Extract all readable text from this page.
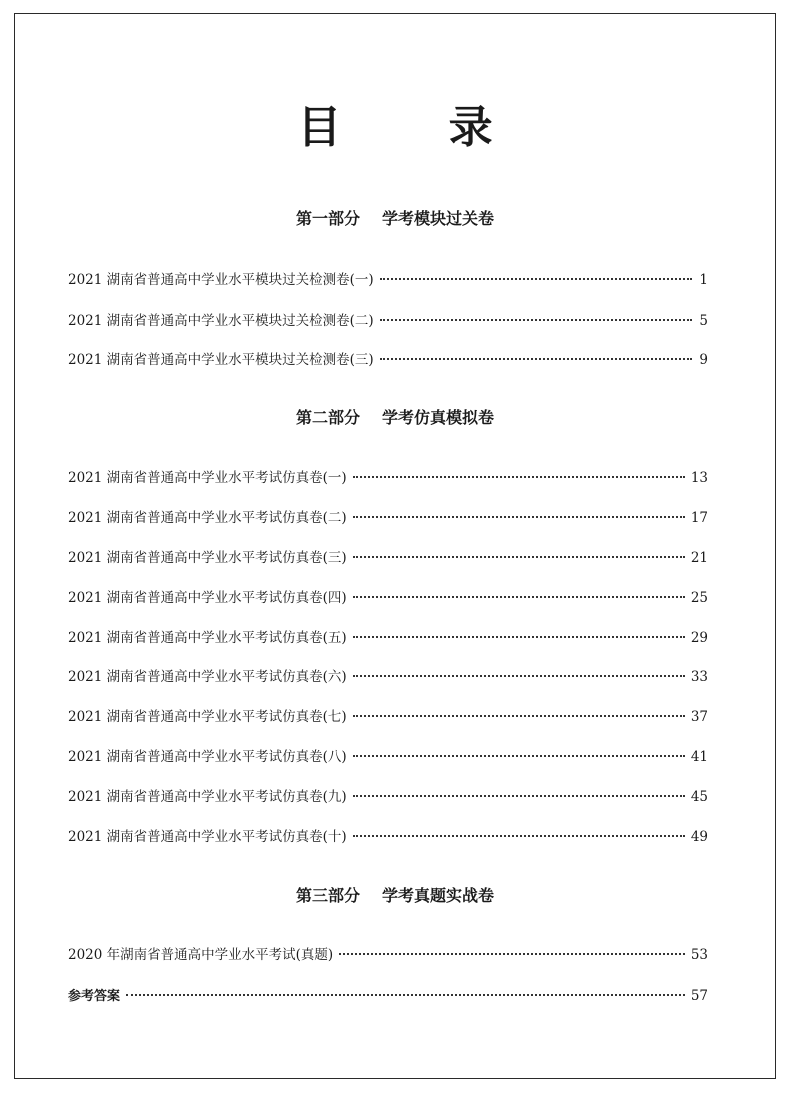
目 录
第一部分 学考模块过关卷
2021 湖南省普通高中学业水平模块过关检测卷(一)	1
2021 湖南省普通高中学业水平模块过关检测卷(二)	5
2021 湖南省普通高中学业水平模块过关检测卷(三)	9
第二部分 学考仿真模拟卷
2021 湖南省普通高中学业水平考试仿真卷(一)	13
2021 湖南省普通高中学业水平考试仿真卷(二)	17
2021 湖南省普通高中学业水平考试仿真卷(三)	21
2021 湖南省普通高中学业水平考试仿真卷(四)	25
2021 湖南省普通高中学业水平考试仿真卷(五)	29
2021 湖南省普通高中学业水平考试仿真卷(六)	33
2021 湖南省普通高中学业水平考试仿真卷(七)	37
2021 湖南省普通高中学业水平考试仿真卷(八)	41
2021 湖南省普通高中学业水平考试仿真卷(九)	45
2021 湖南省普通高中学业水平考试仿真卷(十)	49
第三部分 学考真题实战卷
2020 年湖南省普通高中学业水平考试(真题)	53
参考答案	57
